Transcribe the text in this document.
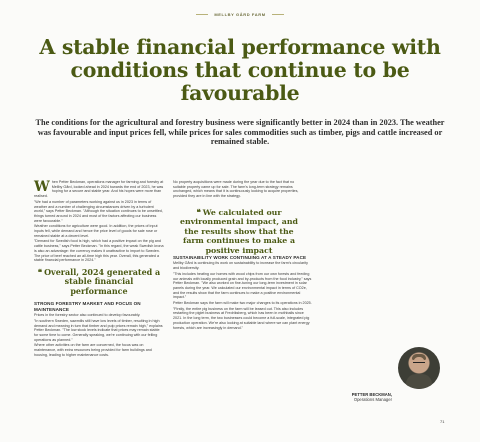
MELLBY GÅRD FARM
A stable financial performance with conditions that continue to be favourable
The conditions for the agricultural and forestry business were significantly better in 2024 than in 2023. The weather was favourable and input prices fell, while prices for sales commodities such as timber, pigs and cattle increased or remained stable.

When Petter Beckman, operations manager for farming and forestry at Mellby Gård, looked ahead in 2024 towards the end of 2023, he was hoping for a secure and stable year. And his hopes were more than realised.

"We had a number of parameters working against us in 2023 in terms of weather and a number of challenging circumstances driven by a turbulent world," says Petter Beckman. "Although the situation continues to be unsettled, things turned around in 2024 and most of the factors affecting our business were favourable."

Weather conditions for agriculture were good. In addition, the prices of input inputs fell, while demand and hence the price level of goods for sale rose or remained stable at a decent level.

"Demand for Swedish food is high, which had a positive impact on the pig and cattle business," says Petter Beckman. "In this regard, the weak Swedish krona is also an advantage: the currency makes it unattractive to import to Sweden. The price of beef reached an all-time high this year. Overall, this generated a stable financial performance in 2024."

❝ Overall, 2024 generated a stable financial performance
STRONG FORESTRY MARKET AND FOCUS ON MAINTENANCE

Prices in the forestry sector also continued to develop favourably.

"In southern Sweden, sawmills still have low levels of timber, resulting in high demand and meaning in turn that timber and pulp prices remain high," explains Petter Beckman. "The low stock levels indicate that prices may remain stable for some time to come. Generally speaking, we're continuing with our felling operations as planned."

Where other activities on the farm are concerned, the focus was on maintenance, with extra resources being provided for farm buildings and housing, leading to higher maintenance costs.

No property acquisitions were made during the year due to the fact that no suitable property came up for sale. The farm's long-term strategy remains unchanged, which means that it is continuously looking to acquire properties, provided they are in line with the strategy.

❝ We calculated our environmental impact, and the results show that the farm continues to make a positive impact
SUSTAINABILITY WORK CONTINUING AT A STEADY PACE

Mellby Gård is continuing its work on sustainability to increase the farm's circularity and biodiversity.

"This includes heating our homes with wood chips from our own forests and feeding our animals with locally produced grain and by-products from the food industry," says Petter Beckman. "We also worked on fine-tuning our long-term investment in solar panels during the year. We calculated our environmental impact in terms of CO2e, and the results show that the farm continues to make a positive environmental impact."

Petter Beckman says the farm will make two major changes to its operations in 2025.

"Firstly, the entire pig business on the farm will be leased out. This also includes restarting the piglet business at Fredriksberg, which has been in mothballs since 2021. In the long term, the two businesses could become a full-scale, integrated pig production operation. We're also looking at suitable land where we can plant energy forests, which are increasingly in demand."

PETTER BECKMAN,
Operations Manager
71
